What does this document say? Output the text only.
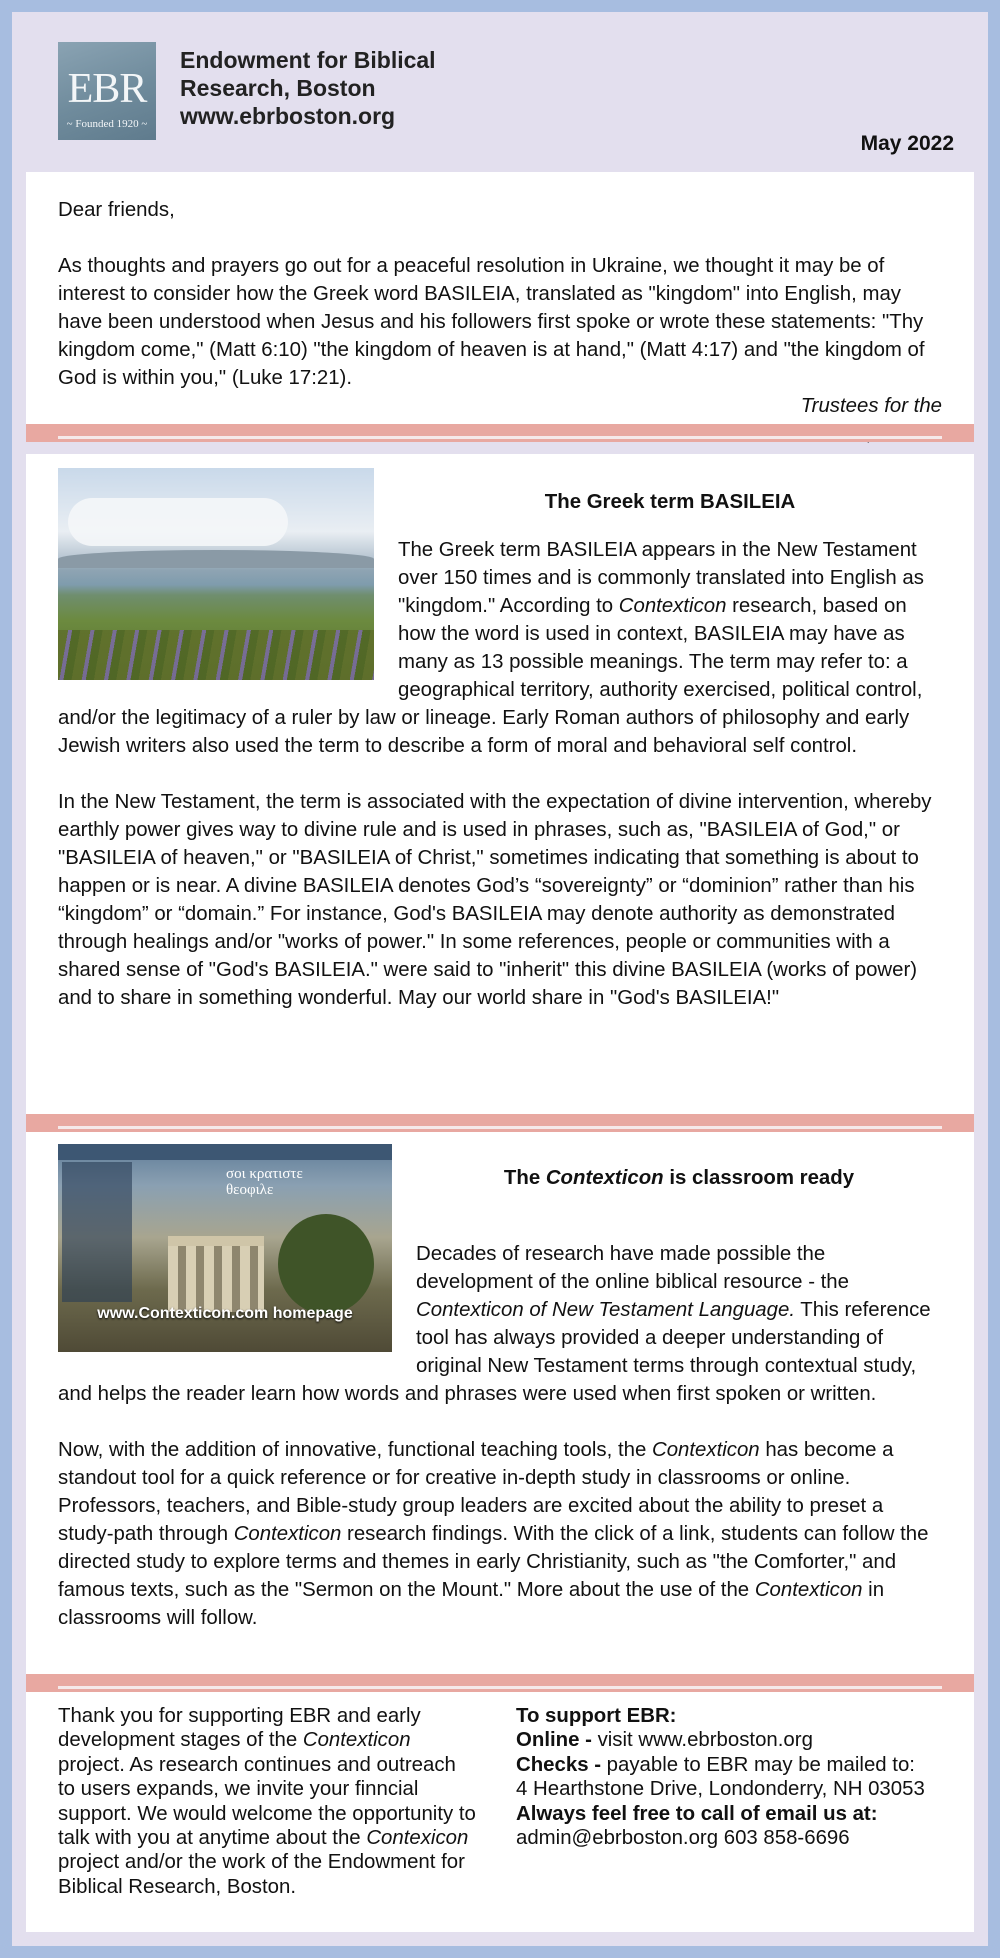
EBR
~ Founded 1920 ~
Endowment for Biblical
Research, Boston
www.ebrboston.org
May 2022

Dear friends,

As thoughts and prayers go out for a peaceful resolution in Ukraine, we thought it may be of interest to consider how the Greek word BASILEIA, translated as "kingdom" into English, may have been understood when Jesus and his followers first spoke or wrote these statements: "Thy kingdom come," (Matt 6:10) "the kingdom of heaven is at hand," (Matt 4:17) and "the kingdom of God is within you," (Luke 17:21).

Trustees for the

The Greek term BASILEIA

The Greek term BASILEIA appears in the New Testament over 150 times and is commonly translated into English as "kingdom." According to Contexticon research, based on how the word is used in context, BASILEIA may have as many as 13 possible meanings. The term may refer to: a geographical territory, authority exercised, political control, and/or the legitimacy of a ruler by law or lineage. Early Roman authors of philosophy and early Jewish writers also used the term to describe a form of moral and behavioral self control.

In the New Testament, the term is associated with the expectation of divine intervention, whereby earthly power gives way to divine rule and is used in phrases, such as, "BASILEIA of God," or "BASILEIA of heaven," or "BASILEIA of Christ," sometimes indicating that something is about to happen or is near. A divine BASILEIA denotes God’s “sovereignty” or “dominion” rather than his “kingdom” or “domain.” For instance, God's BASILEIA may denote authority as demonstrated through healings and/or "works of power." In some references, people or communities with a shared sense of "God's BASILEIA." were said to "inherit" this divine BASILEIA (works of power) and to share in something wonderful. May our world share in "God's BASILEIA!"

σοι κρατιστε
θεοφιλε
www.Contexticon.com homepage
The Contexticon is classroom ready

Decades of research have made possible the development of the online biblical resource - the Contexticon of New Testament Language. This reference tool has always provided a deeper understanding of original New Testament terms through contextual study, and helps the reader learn how words and phrases were used when first spoken or written.

Now, with the addition of innovative, functional teaching tools, the Contexticon has become a standout tool for a quick reference or for creative in-depth study in classrooms or online. Professors, teachers, and Bible-study group leaders are excited about the ability to preset a study-path through Contexticon research findings. With the click of a link, students can follow the directed study to explore terms and themes in early Christianity, such as "the Comforter," and famous texts, such as the "Sermon on the Mount." More about the use of the Contexticon in classrooms will follow.

Thank you for supporting EBR and early development stages of the Contexticon project. As research continues and outreach to users expands, we invite your finncial support. We would welcome the opportunity to talk with you at anytime about the Contexicon project and/or the work of the Endowment for Biblical Research, Boston.

To support EBR:

Online - visit www.ebrboston.org

Checks - payable to EBR may be mailed to:

4 Hearthstone Drive, Londonderry, NH 03053

Always feel free to call of email us at:

admin@ebrboston.org 603 858-6696
